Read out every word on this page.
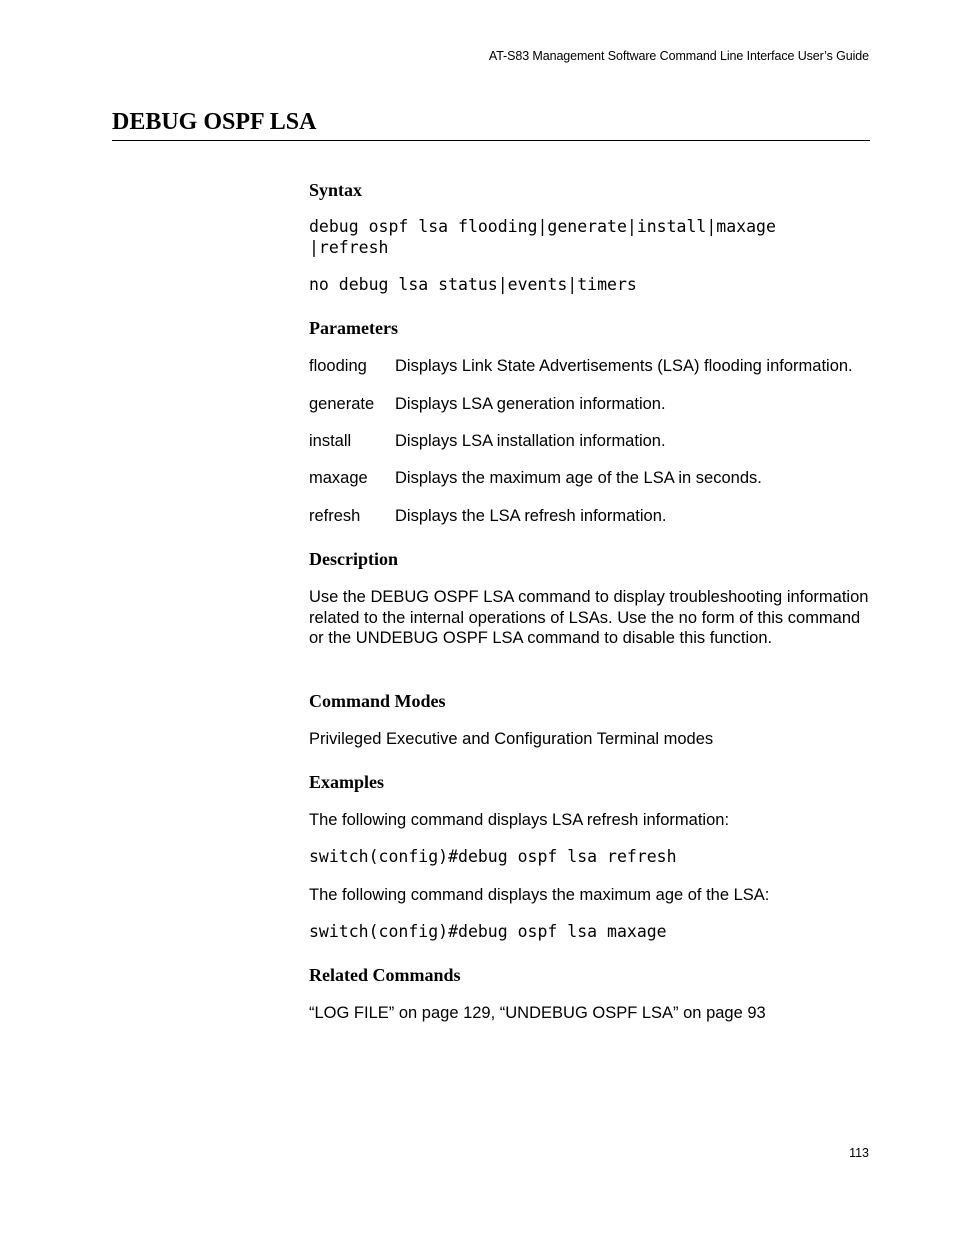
AT-S83 Management Software Command Line Interface User’s Guide
DEBUG OSPF LSA
Syntax
debug ospf lsa flooding|generate|install|maxage
|refresh
no debug lsa status|events|timers
Parameters
flooding Displays Link State Advertisements (LSA) flooding information.
generate Displays LSA generation information.
install	Displays LSA installation information.
maxage Displays the maximum age of the LSA in seconds.
refresh Displays the LSA refresh information.
Description

Use the DEBUG OSPF LSA command to display troubleshooting information related to the internal operations of LSAs. Use the no form of this command or the UNDEBUG OSPF LSA command to disable this function.

Command Modes

Privileged Executive and Configuration Terminal modes

Examples

The following command displays LSA refresh information:

switch(config)#debug ospf lsa refresh

The following command displays the maximum age of the LSA:

switch(config)#debug ospf lsa maxage
Related Commands

“LOG FILE” on page 129, “UNDEBUG OSPF LSA” on page 93

113
